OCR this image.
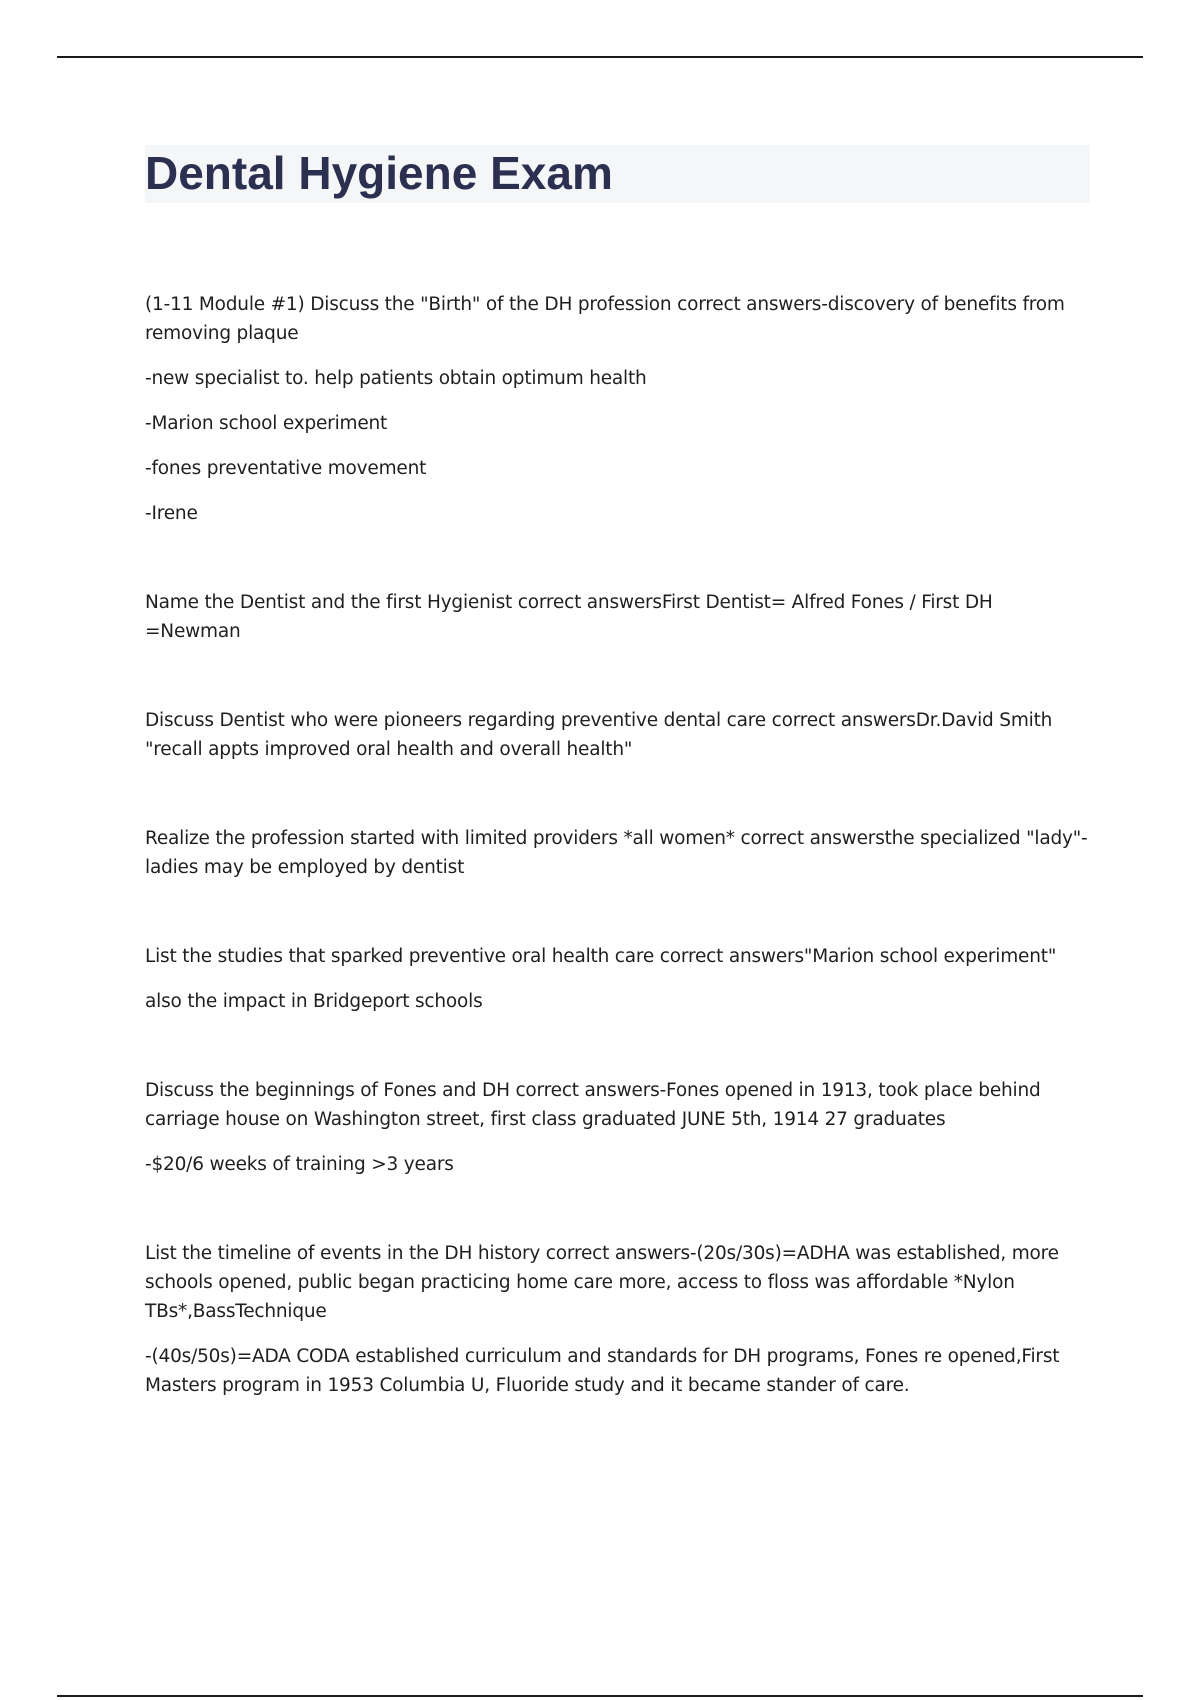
Dental Hygiene Exam

(1-11 Module #1) Discuss the "Birth" of the DH profession correct answers-discovery of benefits from removing plaque

-new specialist to. help patients obtain optimum health

-Marion school experiment

-fones preventative movement

-Irene

Name the Dentist and the first Hygienist correct answersFirst Dentist= Alfred Fones / First DH =Newman

Discuss Dentist who were pioneers regarding preventive dental care correct answersDr.David Smith "recall appts improved oral health and overall health"

Realize the profession started with limited providers *all women* correct answersthe specialized "lady"- ladies may be employed by dentist

List the studies that sparked preventive oral health care correct answers"Marion school experiment"

also the impact in Bridgeport schools

Discuss the beginnings of Fones and DH correct answers-Fones opened in 1913, took place behind carriage house on Washington street, first class graduated JUNE 5th, 1914 27 graduates

-$20/6 weeks of training >3 years

List the timeline of events in the DH history correct answers-(20s/30s)=ADHA was established, more schools opened, public began practicing home care more, access to floss was affordable *Nylon TBs*,BassTechnique

-(40s/50s)=ADA CODA established curriculum and standards for DH programs, Fones re opened,First Masters program in 1953 Columbia U, Fluoride study and it became stander of care.
